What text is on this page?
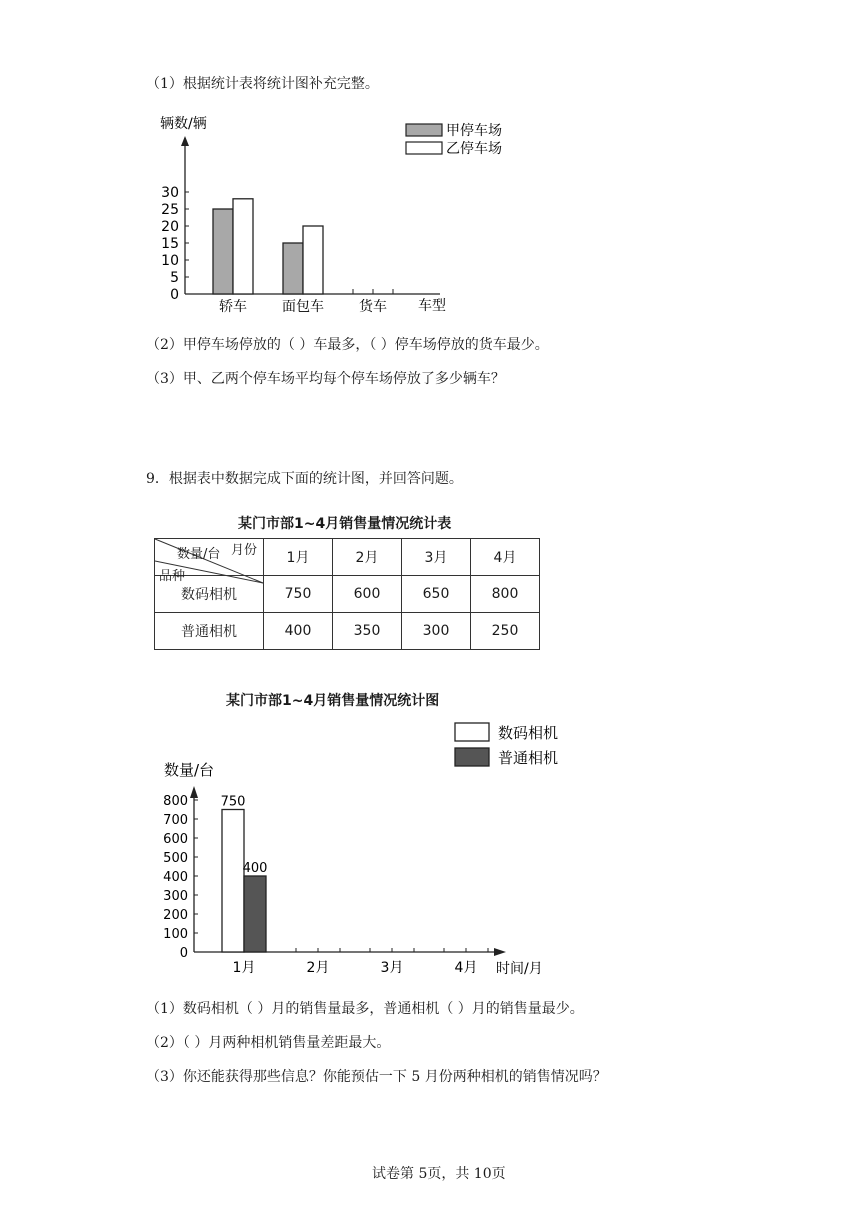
（1）根据统计表将统计图补充完整。
辆数/辆
0
5
10
15
20
25
30
轿车	面包车	货车 车型
甲停车场
乙停车场
（2）甲停车场停放的（ ）车最多，（ ）停车场停放的货车最少。
（3）甲、乙两个停车场平均每个停车场停放了多少辆车？
9．根据表中数据完成下面的统计图，并回答问题。
某门市部1~4月销售量情况统计表
月份
数量/台
品种	1月	2月	3月	4月
数码相机	750	600	650	800
普通相机	400	350	300	250
某门市部1~4月销售量情况统计图
数量/台
750
400
0
100
200
300
400
500
600
700
800
1月	2月	3月	4月 时间/月
数码相机
普通相机
（1）数码相机（ ）月的销售量最多，普通相机（ ）月的销售量最少。
（2）（ ）月两种相机销售量差距最大。
（3）你还能获得那些信息？你能预估一下 5 月份两种相机的销售情况吗？
试卷第 5页，共 10页
